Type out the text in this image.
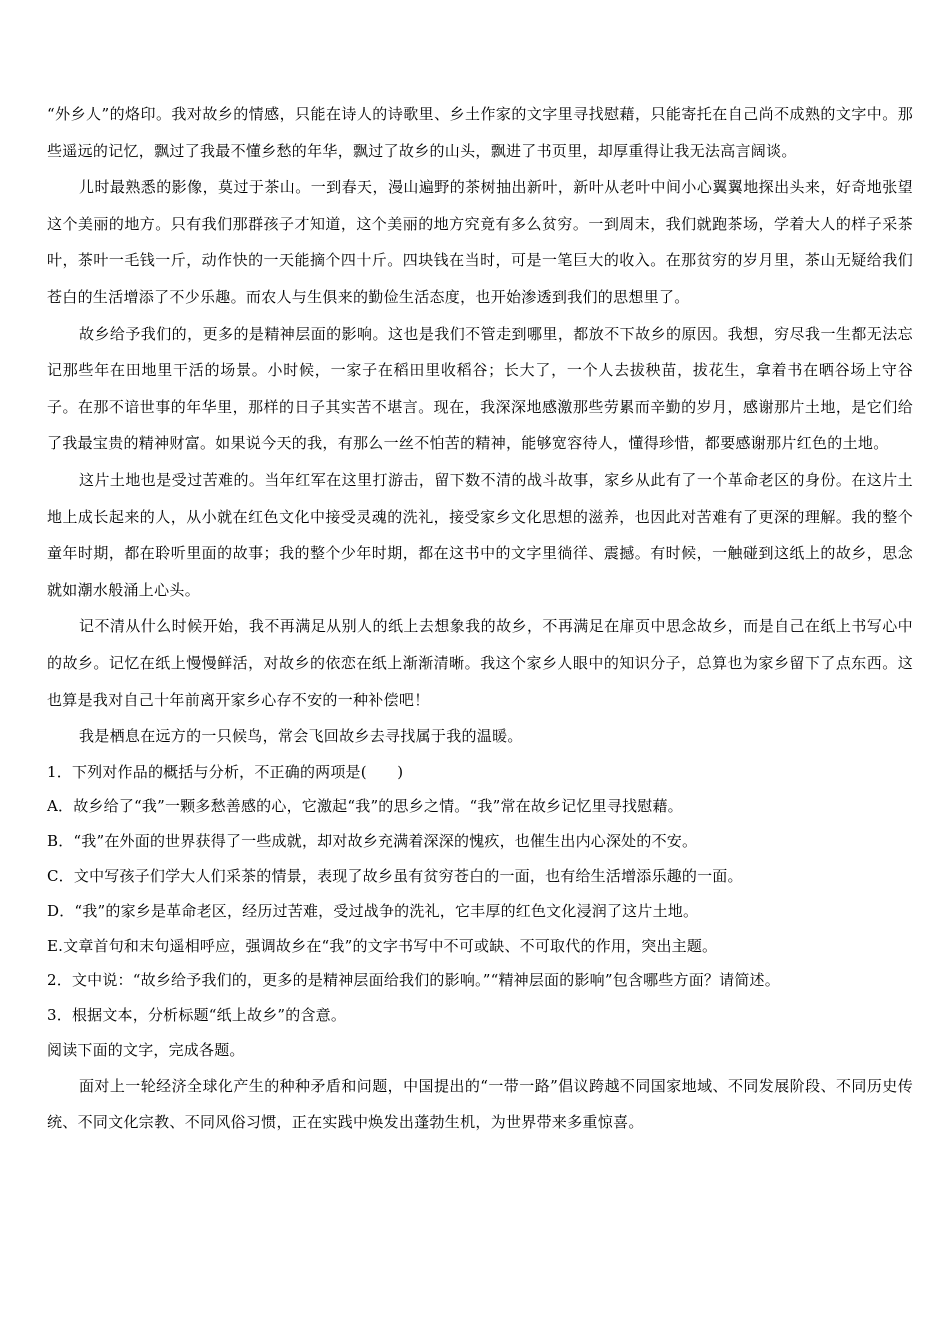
“外乡人”的烙印。我对故乡的情感，只能在诗人的诗歌里、乡土作家的文字里寻找慰藉，只能寄托在自己尚不成熟的文字中。那些遥远的记忆，飘过了我最不懂乡愁的年华，飘过了故乡的山头，飘进了书页里，却厚重得让我无法高言阔谈。

儿时最熟悉的影像，莫过于茶山。一到春天，漫山遍野的茶树抽出新叶，新叶从老叶中间小心翼翼地探出头来，好奇地张望这个美丽的地方。只有我们那群孩子才知道，这个美丽的地方究竟有多么贫穷。一到周末，我们就跑茶场，学着大人的样子采茶叶，茶叶一毛钱一斤，动作快的一天能摘个四十斤。四块钱在当时，可是一笔巨大的收入。在那贫穷的岁月里，茶山无疑给我们苍白的生活增添了不少乐趣。而农人与生俱来的勤俭生活态度，也开始渗透到我们的思想里了。

故乡给予我们的，更多的是精神层面的影响。这也是我们不管走到哪里，都放不下故乡的原因。我想，穷尽我一生都无法忘记那些年在田地里干活的场景。小时候，一家子在稻田里收稻谷；长大了，一个人去拔秧苗，拔花生，拿着书在晒谷场上守谷子。在那不谙世事的年华里，那样的日子其实苦不堪言。现在，我深深地感激那些劳累而辛勤的岁月，感谢那片土地，是它们给了我最宝贵的精神财富。如果说今天的我，有那么一丝不怕苦的精神，能够宽容待人，懂得珍惜，都要感谢那片红色的土地。

这片土地也是受过苦难的。当年红军在这里打游击，留下数不清的战斗故事，家乡从此有了一个革命老区的身份。在这片土地上成长起来的人，从小就在红色文化中接受灵魂的洗礼，接受家乡文化思想的滋养，也因此对苦难有了更深的理解。我的整个童年时期，都在聆听里面的故事；我的整个少年时期，都在这书中的文字里徜徉、震撼。有时候，一触碰到这纸上的故乡，思念就如潮水般涌上心头。

记不清从什么时候开始，我不再满足从别人的纸上去想象我的故乡，不再满足在扉页中思念故乡，而是自己在纸上书写心中的故乡。记忆在纸上慢慢鲜活，对故乡的依恋在纸上渐渐清晰。我这个家乡人眼中的知识分子，总算也为家乡留下了点东西。这也算是我对自己十年前离开家乡心存不安的一种补偿吧！

我是栖息在远方的一只候鸟，常会飞回故乡去寻找属于我的温暖。

1．下列对作品的概括与分析，不正确的两项是(　　)

A．故乡给了“我”一颗多愁善感的心，它激起“我”的思乡之情。“我”常在故乡记忆里寻找慰藉。

B．“我”在外面的世界获得了一些成就，却对故乡充满着深深的愧疚，也催生出内心深处的不安。

C．文中写孩子们学大人们采茶的情景，表现了故乡虽有贫穷苍白的一面，也有给生活增添乐趣的一面。

D．“我”的家乡是革命老区，经历过苦难，受过战争的洗礼，它丰厚的红色文化浸润了这片土地。

E.文章首句和末句遥相呼应，强调故乡在“我”的文字书写中不可或缺、不可取代的作用，突出主题。

2．文中说：“故乡给予我们的，更多的是精神层面给我们的影响。”“精神层面的影响”包含哪些方面？请简述。

3．根据文本，分析标题“纸上故乡”的含意。

阅读下面的文字，完成各题。

面对上一轮经济全球化产生的种种矛盾和问题，中国提出的“一带一路”倡议跨越不同国家地域、不同发展阶段、不同历史传统、不同文化宗教、不同风俗习惯，正在实践中焕发出蓬勃生机，为世界带来多重惊喜。
